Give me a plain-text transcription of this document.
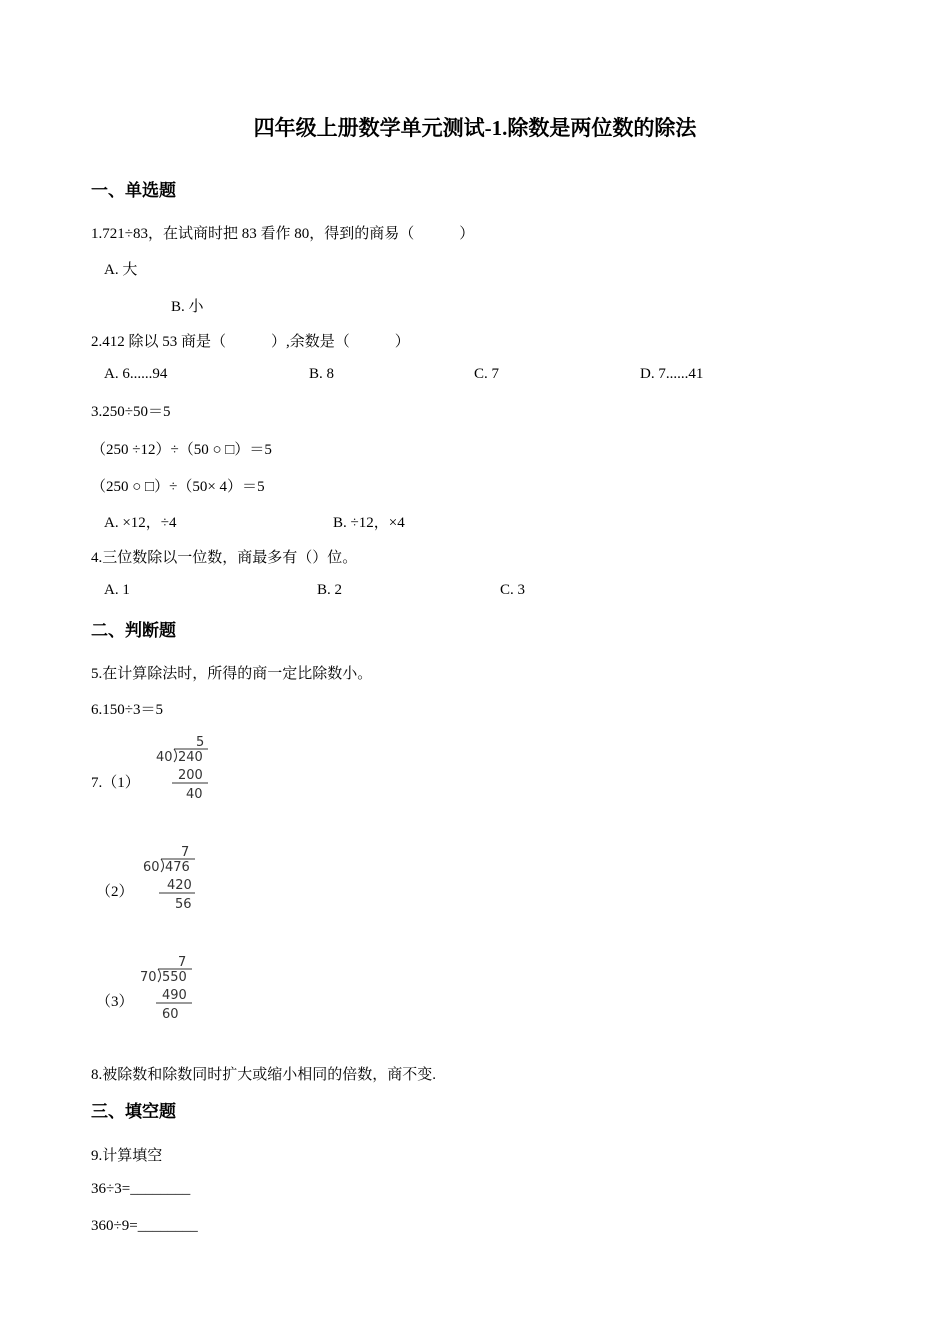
四年级上册数学单元测试-1.除数是两位数的除法
一、单选题
1.721÷83，在试商时把 83 看作 80，得到的商易（　　　）
A. 大
B. 小
2.412 除以 53 商是（　　　）,余数是（　　　）
A. 6......94	B. 8	C. 7	D. 7......41
3.250÷50＝5
（250 ÷12）÷（50 ○ □）＝5
（250 ○ □）÷（50× 4）＝5
A. ×12，÷4	B. ÷12，×4
4.三位数除以一位数，商最多有（）位。
A. 1	B. 2	C. 3
二、判断题
5.在计算除法时，所得的商一定比除数小。
6.150÷3＝5
7.（1）
5
40 240
200
40
（2）
7
60 476
420
56
（3）
7
70 550
490
60
8.被除数和除数同时扩大或缩小相同的倍数，商不变.
三、填空题
9.计算填空
36÷3=________
360÷9=________
